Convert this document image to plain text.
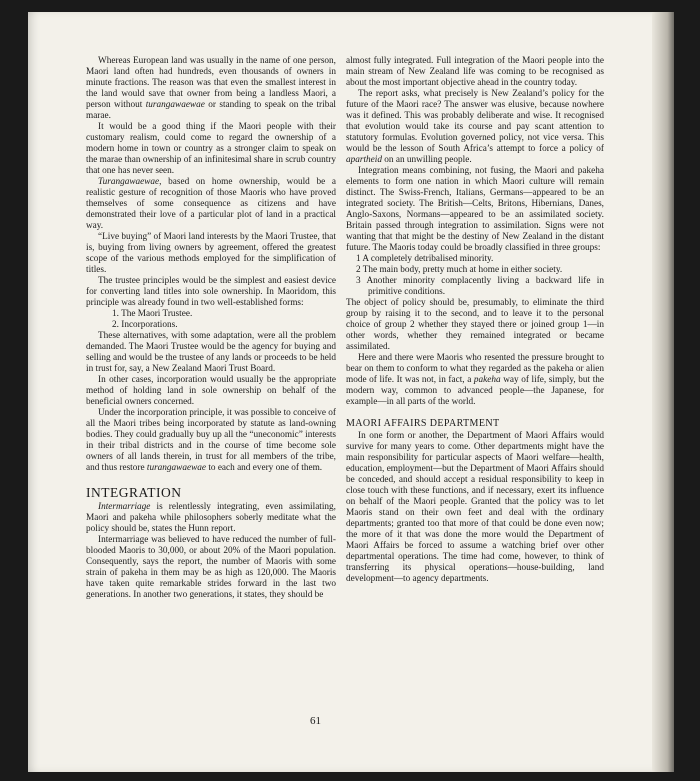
Whereas European land was usually in the name of one person, Maori land often had hundreds, even thousands of owners in minute fractions. The reason was that even the smallest interest in the land would save that owner from being a landless Maori, a person without turangawaewae or standing to speak on the tribal marae.

It would be a good thing if the Maori people with their customary realism, could come to regard the ownership of a modern home in town or country as a stronger claim to speak on the marae than ownership of an infinitesimal share in scrub country that one has never seen.

Turangawaewae, based on home ownership, would be a realistic gesture of recognition of those Maoris who have proved themselves of some consequence as citizens and have demonstrated their love of a particular plot of land in a practical way.

“Live buying” of Maori land interests by the Maori Trustee, that is, buying from living owners by agreement, offered the greatest scope of the various methods employed for the simplification of titles.

The trustee principles would be the simplest and easiest device for converting land titles into sole ownership. In Maoridom, this principle was already found in two well-established forms:

1. The Maori Trustee.
2. Incorporations.

These alternatives, with some adaptation, were all the problem demanded. The Maori Trustee would be the agency for buying and selling and would be the trustee of any lands or proceeds to be held in trust for, say, a New Zealand Maori Trust Board.

In other cases, incorporation would usually be the appropriate method of holding land in sole ownership on behalf of the beneficial owners concerned.

Under the incorporation principle, it was possible to conceive of all the Maori tribes being incorporated by statute as land-owning bodies. They could gradually buy up all the “uneconomic” interests in their tribal districts and in the course of time become sole owners of all lands therein, in trust for all members of the tribe, and thus restore turangawaewae to each and every one of them.

INTEGRATION

Intermarriage is relentlessly integrating, even assimilating, Maori and pakeha while philosophers soberly meditate what the policy should be, states the Hunn report.

Intermarriage was believed to have reduced the number of full-blooded Maoris to 30,000, or about 20% of the Maori population. Consequently, says the report, the number of Maoris with some strain of pakeha in them may be as high as 120,000. The Maoris have taken quite remarkable strides forward in the last two generations. In another two generations, it states, they should be

almost fully integrated. Full integration of the Maori people into the main stream of New Zealand life was coming to be recognised as about the most important objective ahead in the country today.

The report asks, what precisely is New Zealand’s policy for the future of the Maori race? The answer was elusive, because nowhere was it defined. This was probably deliberate and wise. It recognised that evolution would take its course and pay scant attention to statutory formulas. Evolution governed policy, not vice versa. This would be the lesson of South Africa’s attempt to force a policy of apartheid on an unwilling people.

Integration means combining, not fusing, the Maori and pakeha elements to form one nation in which Maori culture will remain distinct. The Swiss-French, Italians, Germans—appeared to be an integrated society. The British—Celts, Britons, Hibernians, Danes, Anglo-Saxons, Normans—appeared to be an assimilated society. Britain passed through integration to assimilation. Signs were not wanting that that might be the destiny of New Zealand in the distant future. The Maoris today could be broadly classified in three groups:

1 A completely detribalised minority.
2 The main body, pretty much at home in either society.
3 Another minority complacently living a backward life in primitive conditions.

The object of policy should be, presumably, to eliminate the third group by raising it to the second, and to leave it to the personal choice of group 2 whether they stayed there or joined group 1—in other words, whether they remained integrated or became assimilated.

Here and there were Maoris who resented the pressure brought to bear on them to conform to what they regarded as the pakeha or alien mode of life. It was not, in fact, a pakeha way of life, simply, but the modern way, common to advanced people—the Japanese, for example—in all parts of the world.

MAORI AFFAIRS DEPARTMENT

In one form or another, the Department of Maori Affairs would survive for many years to come. Other departments might have the main responsibility for particular aspects of Maori welfare—health, education, employment—but the Department of Maori Affairs should be conceded, and should accept a residual responsibility to keep in close touch with these functions, and if necessary, exert its influence on behalf of the Maori people. Granted that the policy was to let Maoris stand on their own feet and deal with the ordinary departments; granted too that more of that could be done even now; the more of it that was done the more would the Department of Maori Affairs be forced to assume a watching brief over other departmental operations. The time had come, however, to think of transferring its physical operations—house-building, land development—to agency departments.

61
